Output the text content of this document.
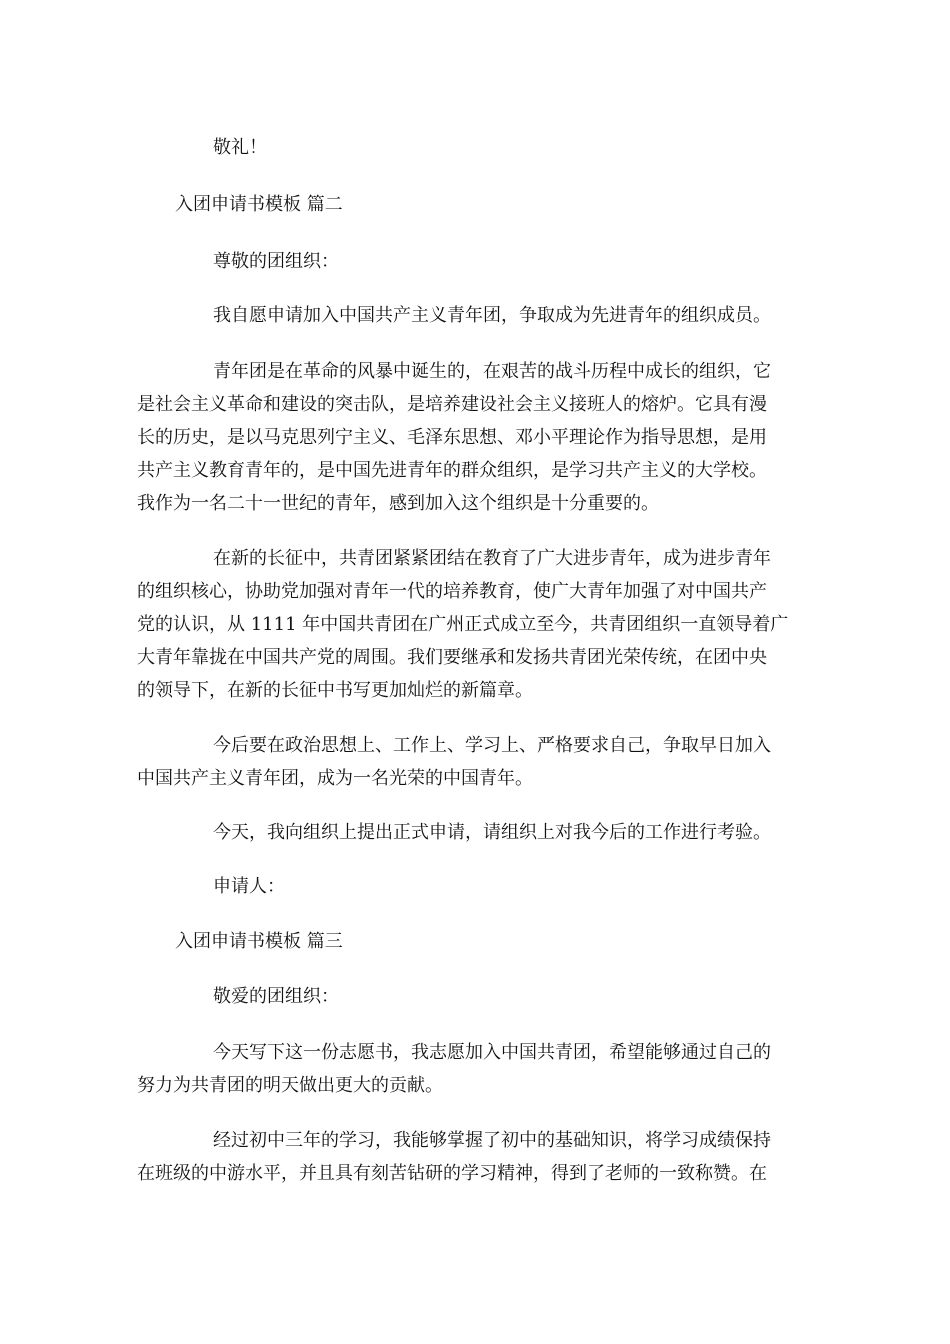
敬礼！
入团申请书模板 篇二
尊敬的团组织：
我自愿申请加入中国共产主义青年团，争取成为先进青年的组织成员。
青年团是在革命的风暴中诞生的，在艰苦的战斗历程中成长的组织，它
是社会主义革命和建设的突击队，是培养建设社会主义接班人的熔炉。它具有漫
长的历史，是以马克思列宁主义、毛泽东思想、邓小平理论作为指导思想，是用
共产主义教育青年的，是中国先进青年的群众组织，是学习共产主义的大学校。
我作为一名二十一世纪的青年，感到加入这个组织是十分重要的。
在新的长征中，共青团紧紧团结在教育了广大进步青年，成为进步青年
的组织核心，协助党加强对青年一代的培养教育，使广大青年加强了对中国共产
党的认识，从 1111 年中国共青团在广州正式成立至今，共青团组织一直领导着广
大青年靠拢在中国共产党的周围。我们要继承和发扬共青团光荣传统，在团中央
的领导下，在新的长征中书写更加灿烂的新篇章。
今后要在政治思想上、工作上、学习上、严格要求自己，争取早日加入
中国共产主义青年团，成为一名光荣的中国青年。
今天，我向组织上提出正式申请，请组织上对我今后的工作进行考验。
申请人：
入团申请书模板 篇三
敬爱的团组织：
今天写下这一份志愿书，我志愿加入中国共青团，希望能够通过自己的
努力为共青团的明天做出更大的贡献。
经过初中三年的学习，我能够掌握了初中的基础知识，将学习成绩保持
在班级的中游水平，并且具有刻苦钻研的学习精神，得到了老师的一致称赞。在
